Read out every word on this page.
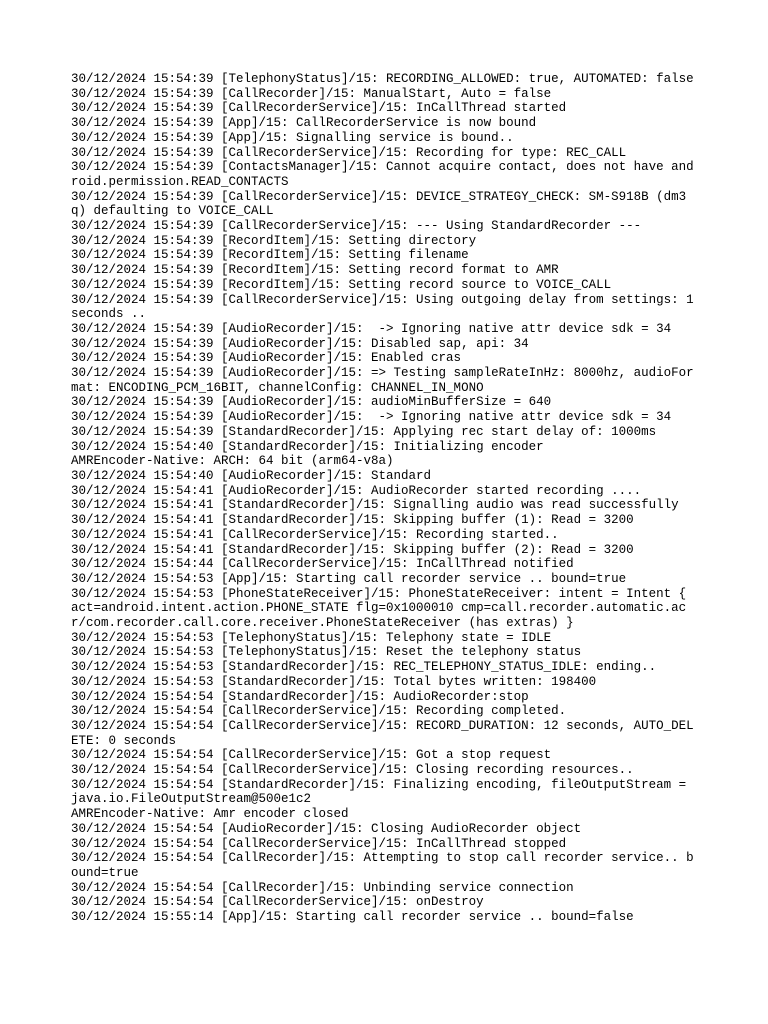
30/12/2024 15:54:39 [TelephonyStatus]/15: RECORDING_ALLOWED: true, AUTOMATED: false
30/12/2024 15:54:39 [CallRecorder]/15: ManualStart, Auto = false
30/12/2024 15:54:39 [CallRecorderService]/15: InCallThread started
30/12/2024 15:54:39 [App]/15: CallRecorderService is now bound
30/12/2024 15:54:39 [App]/15: Signalling service is bound..
30/12/2024 15:54:39 [CallRecorderService]/15: Recording for type: REC_CALL
30/12/2024 15:54:39 [ContactsManager]/15: Cannot acquire contact, does not have android.permission.READ_CONTACTS
30/12/2024 15:54:39 [CallRecorderService]/15: DEVICE_STRATEGY_CHECK: SM-S918B (dm3q) defaulting to VOICE_CALL
30/12/2024 15:54:39 [CallRecorderService]/15: --- Using StandardRecorder ---
30/12/2024 15:54:39 [RecordItem]/15: Setting directory
30/12/2024 15:54:39 [RecordItem]/15: Setting filename
30/12/2024 15:54:39 [RecordItem]/15: Setting record format to AMR
30/12/2024 15:54:39 [RecordItem]/15: Setting record source to VOICE_CALL
30/12/2024 15:54:39 [CallRecorderService]/15: Using outgoing delay from settings: 1 seconds ..
30/12/2024 15:54:39 [AudioRecorder]/15:  -> Ignoring native attr device sdk = 34
30/12/2024 15:54:39 [AudioRecorder]/15: Disabled sap, api: 34
30/12/2024 15:54:39 [AudioRecorder]/15: Enabled cras
30/12/2024 15:54:39 [AudioRecorder]/15: => Testing sampleRateInHz: 8000hz, audioFormat: ENCODING_PCM_16BIT, channelConfig: CHANNEL_IN_MONO
30/12/2024 15:54:39 [AudioRecorder]/15: audioMinBufferSize = 640
30/12/2024 15:54:39 [AudioRecorder]/15:  -> Ignoring native attr device sdk = 34
30/12/2024 15:54:39 [StandardRecorder]/15: Applying rec start delay of: 1000ms
30/12/2024 15:54:40 [StandardRecorder]/15: Initializing encoder
AMREncoder-Native: ARCH: 64 bit (arm64-v8a)
30/12/2024 15:54:40 [AudioRecorder]/15: Standard
30/12/2024 15:54:41 [AudioRecorder]/15: AudioRecorder started recording ....
30/12/2024 15:54:41 [StandardRecorder]/15: Signalling audio was read successfully
30/12/2024 15:54:41 [StandardRecorder]/15: Skipping buffer (1): Read = 3200
30/12/2024 15:54:41 [CallRecorderService]/15: Recording started..
30/12/2024 15:54:41 [StandardRecorder]/15: Skipping buffer (2): Read = 3200
30/12/2024 15:54:44 [CallRecorderService]/15: InCallThread notified
30/12/2024 15:54:53 [App]/15: Starting call recorder service .. bound=true
30/12/2024 15:54:53 [PhoneStateReceiver]/15: PhoneStateReceiver: intent = Intent { act=android.intent.action.PHONE_STATE flg=0x1000010 cmp=call.recorder.automatic.acr/com.recorder.call.core.receiver.PhoneStateReceiver (has extras) }
30/12/2024 15:54:53 [TelephonyStatus]/15: Telephony state = IDLE
30/12/2024 15:54:53 [TelephonyStatus]/15: Reset the telephony status
30/12/2024 15:54:53 [StandardRecorder]/15: REC_TELEPHONY_STATUS_IDLE: ending..
30/12/2024 15:54:53 [StandardRecorder]/15: Total bytes written: 198400
30/12/2024 15:54:54 [StandardRecorder]/15: AudioRecorder:stop
30/12/2024 15:54:54 [CallRecorderService]/15: Recording completed.
30/12/2024 15:54:54 [CallRecorderService]/15: RECORD_DURATION: 12 seconds, AUTO_DELETE: 0 seconds
30/12/2024 15:54:54 [CallRecorderService]/15: Got a stop request
30/12/2024 15:54:54 [CallRecorderService]/15: Closing recording resources..
30/12/2024 15:54:54 [StandardRecorder]/15: Finalizing encoding, fileOutputStream = java.io.FileOutputStream@500e1c2
AMREncoder-Native: Amr encoder closed
30/12/2024 15:54:54 [AudioRecorder]/15: Closing AudioRecorder object
30/12/2024 15:54:54 [CallRecorderService]/15: InCallThread stopped
30/12/2024 15:54:54 [CallRecorder]/15: Attempting to stop call recorder service.. bound=true
30/12/2024 15:54:54 [CallRecorder]/15: Unbinding service connection
30/12/2024 15:54:54 [CallRecorderService]/15: onDestroy
30/12/2024 15:55:14 [App]/15: Starting call recorder service .. bound=false
